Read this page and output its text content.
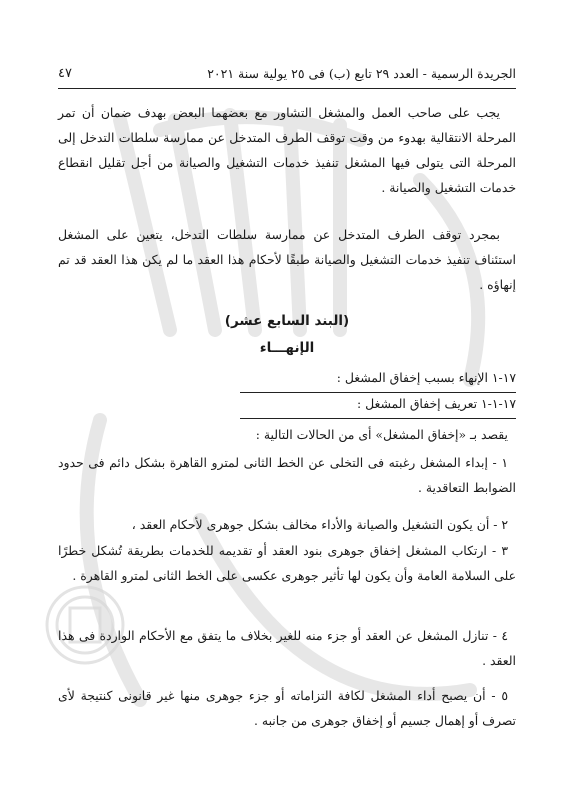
الجريدة الرسمية - العدد ٢٩ تابع (ب) فى ٢٥ يولية سنة ٢٠٢١
٤٧

يجب على صاحب العمل والمشغل التشاور مع بعضهما البعض بهدف ضمان أن تمر المرحلة الانتقالية بهدوء من وقت توقف الطرف المتدخل عن ممارسة سلطات التدخل إلى المرحلة التى يتولى فيها المشغل تنفيذ خدمات التشغيل والصيانة من أجل تقليل انقطاع خدمات التشغيل والصيانة .

بمجرد توقف الطرف المتدخل عن ممارسة سلطات التدخل، يتعين على المشغل استئناف تنفيذ خدمات التشغيل والصيانة طبقًا لأحكام هذا العقد ما لم يكن هذا العقد قد تم إنهاؤه .

(البند السابع عشر)
الإنهـــاء
١٧-١ الإنهاء بسبب إخفاق المشغل :
١٧-١-١ تعريف إخفاق المشغل :

يقصد بـ «إخفاق المشغل» أى من الحالات التالية :

١ - إبداء المشغل رغبته فى التخلى عن الخط الثانى لمترو القاهرة بشكل دائم فى حدود الضوابط التعاقدية .

٢ - أن يكون التشغيل والصيانة والأداء مخالف بشكل جوهرى لأحكام العقد ،

٣ - ارتكاب المشغل إخفاق جوهرى بنود العقد أو تقديمه للخدمات بطريقة تُشكل خطرًا على السلامة العامة وأن يكون لها تأثير جوهرى عكسى على الخط الثانى لمترو القاهرة .

٤ - تنازل المشغل عن العقد أو جزء منه للغير بخلاف ما يتفق مع الأحكام الواردة فى هذا العقد .

٥ - أن يصبح أداء المشغل لكافة التزاماته أو جزء جوهرى منها غير قانونى كنتيجة لأى تصرف أو إهمال جسيم أو إخفاق جوهرى من جانبه .
